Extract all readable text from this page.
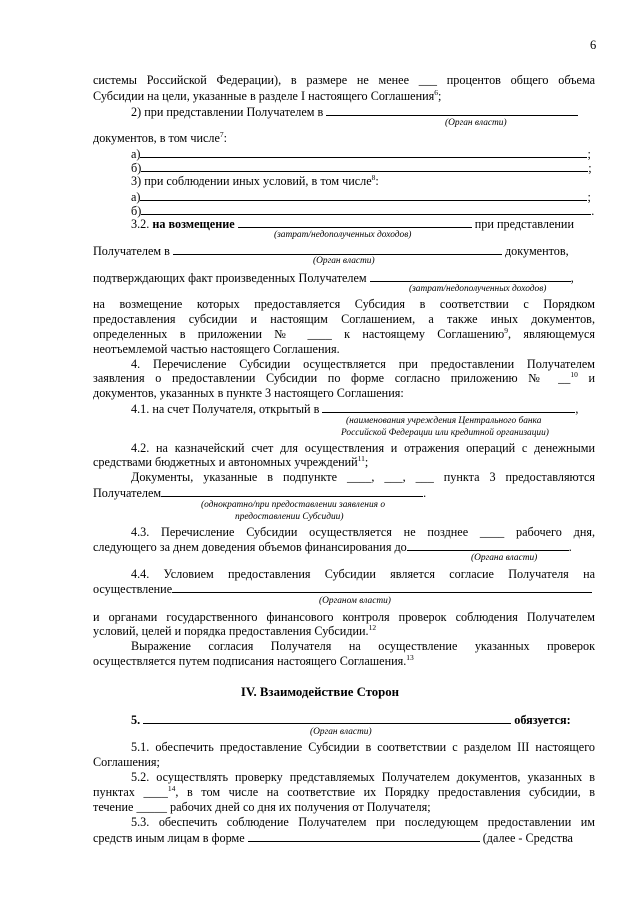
6
системы Российской Федерации), в размере не менее ___ процентов общего объема
Субсидии на цели, указанные в разделе I настоящего Соглашения$^6$;
2) при представлении Получателем в
(Орган власти)
документов, в том числе$^7$:
а)	;
б)	;
3) при соблюдении иных условий, в том числе$^8$:
а)	;
б)	.
3.2. на возмещение	при представлении
(затрат/недополученных доходов)
Получателем в	документов,
(Орган власти)
подтверждающих факт произведенных Получателем	,
(затрат/недополученных доходов)
на возмещение которых предоставляется Субсидия в соответствии с Порядком
предоставления субсидии и настоящим Соглашением, а также иных документов,
определенных в приложении № ____ к настоящему Соглашению$^9$, являющемуся
неотъемлемой частью настоящего Соглашения.
4. Перечисление Субсидии осуществляется при предоставлении Получателем
заявления о предоставлении Субсидии по форме согласно приложению № __$^{10}$ и
документов, указанных в пункте 3 настоящего Соглашения:
4.1. на счет Получателя, открытый в	,
(наименования учреждения Центрального банка
Российской Федерации или кредитной организации)
4.2. на казначейский счет для осуществления и отражения операций с денежными
средствами бюджетных и автономных учреждений$^{11}$;
Документы, указанные в подпункте ____, ___, ___ пункта 3 предоставляются
Получателем	.
(однократно/при предоставлении заявления о
предоставлении Субсидии)
4.3. Перечисление Субсидии осуществляется не позднее ____ рабочего дня,
следующего за днем доведения объемов финансирования до	.
(Органа власти)
4.4. Условием предоставления Субсидии является согласие Получателя на
осуществление
(Органом власти)
и органами государственного финансового контроля проверок соблюдения Получателем
условий, целей и порядка предоставления Субсидии.$^{12}$
Выражение согласия Получателя на осуществление указанных проверок
осуществляется путем подписания настоящего Соглашения.$^{13}$
IV. Взаимодействие Сторон
5.	обязуется:
(Орган власти)
5.1. обеспечить предоставление Субсидии в соответствии с разделом III настоящего
Соглашения;
5.2. осуществлять проверку представляемых Получателем документов, указанных в
пунктах ____$^{14}$, в том числе на соответствие их Порядку предоставления субсидии, в
течение _____ рабочих дней со дня их получения от Получателя;
5.3. обеспечить соблюдение Получателем при последующем предоставлении им
средств иным лицам в форме	(далее - Средства
